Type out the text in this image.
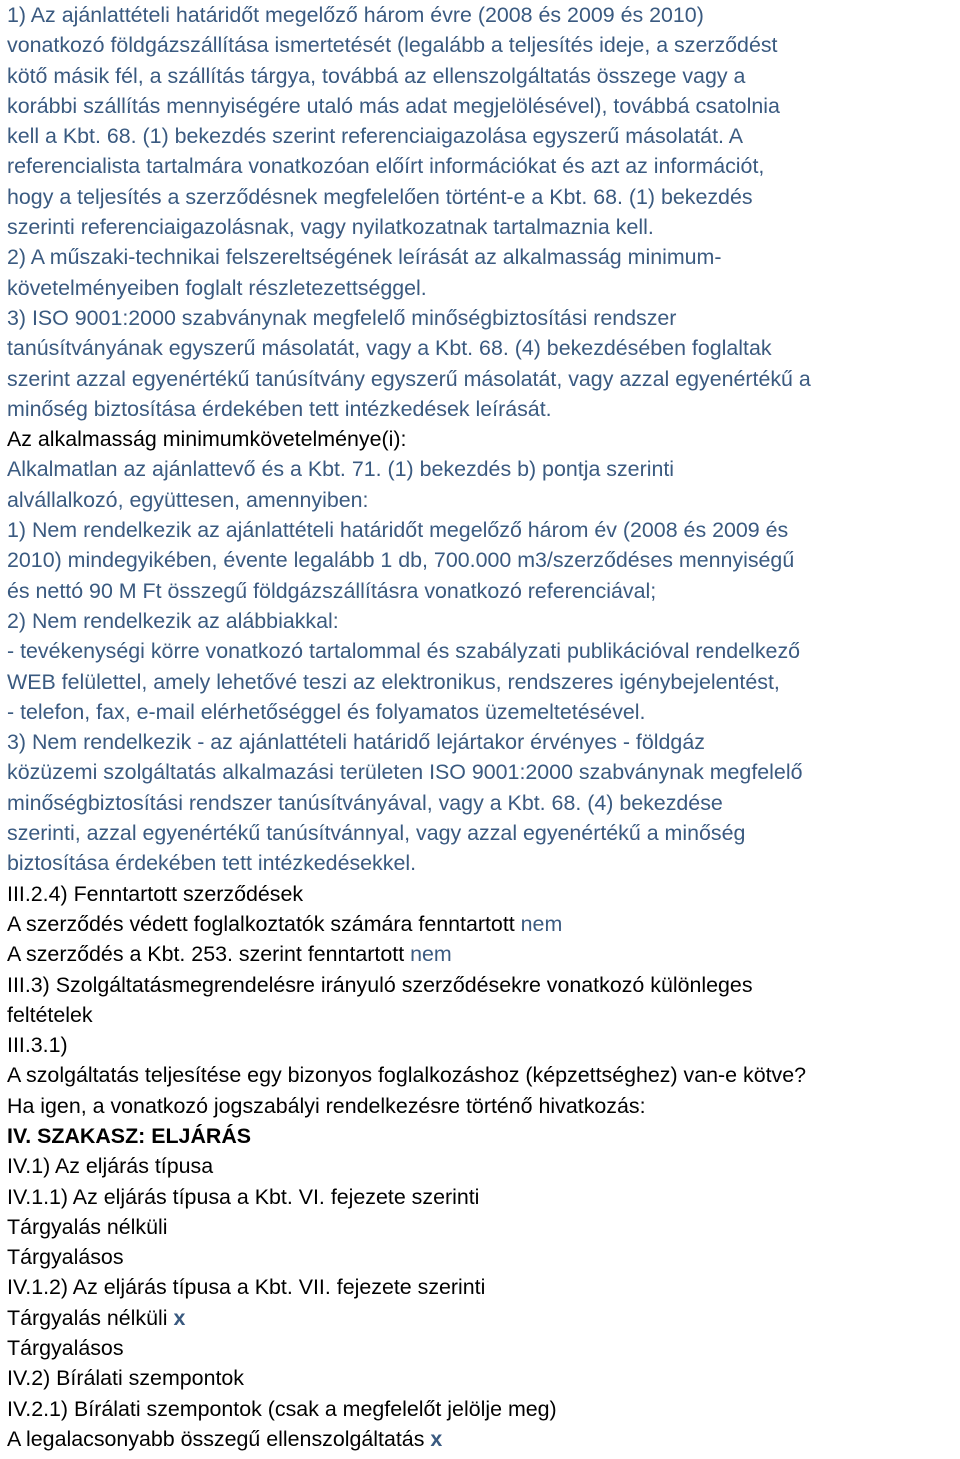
1) Az ajánlattételi határidőt megelőző három évre (2008 és 2009 és 2010)
vonatkozó földgázszállítása ismertetését (legalább a teljesítés ideje, a szerződést
kötő másik fél, a szállítás tárgya, továbbá az ellenszolgáltatás összege vagy a
korábbi szállítás mennyiségére utaló más adat megjelölésével), továbbá csatolnia
kell a Kbt. 68. (1) bekezdés szerint referenciaigazolása egyszerű másolatát. A
referencialista tartalmára vonatkozóan előírt információkat és azt az információt,
hogy a teljesítés a szerződésnek megfelelően történt-e a Kbt. 68. (1) bekezdés
szerinti referenciaigazolásnak, vagy nyilatkozatnak tartalmaznia kell.
2) A műszaki-technikai felszereltségének leírását az alkalmasság minimum-
követelményeiben foglalt részletezettséggel.
3) ISO 9001:2000 szabványnak megfelelő minőségbiztosítási rendszer
tanúsítványának egyszerű másolatát, vagy a Kbt. 68. (4) bekezdésében foglaltak
szerint azzal egyenértékű tanúsítvány egyszerű másolatát, vagy azzal egyenértékű a
minőség biztosítása érdekében tett intézkedések leírását.
Az alkalmasság minimumkövetelménye(i):
Alkalmatlan az ajánlattevő és a Kbt. 71. (1) bekezdés b) pontja szerinti
alvállalkozó, együttesen, amennyiben:
1) Nem rendelkezik az ajánlattételi határidőt megelőző három év (2008 és 2009 és
2010) mindegyikében, évente legalább 1 db, 700.000 m3/szerződéses mennyiségű
és nettó 90 M Ft összegű földgázszállításra vonatkozó referenciával;
2) Nem rendelkezik az alábbiakkal:
- tevékenységi körre vonatkozó tartalommal és szabályzati publikációval rendelkező
WEB felülettel, amely lehetővé teszi az elektronikus, rendszeres igénybejelentést,
- telefon, fax, e-mail elérhetőséggel és folyamatos üzemeltetésével.
3) Nem rendelkezik - az ajánlattételi határidő lejártakor érvényes - földgáz
közüzemi szolgáltatás alkalmazási területen ISO 9001:2000 szabványnak megfelelő
minőségbiztosítási rendszer tanúsítványával, vagy a Kbt. 68. (4) bekezdése
szerinti, azzal egyenértékű tanúsítvánnyal, vagy azzal egyenértékű a minőség
biztosítása érdekében tett intézkedésekkel.
III.2.4) Fenntartott szerződések
A szerződés védett foglalkoztatók számára fenntartott nem
A szerződés a Kbt. 253. szerint fenntartott nem
III.3) Szolgáltatásmegrendelésre irányuló szerződésekre vonatkozó különleges
feltételek
III.3.1)
A szolgáltatás teljesítése egy bizonyos foglalkozáshoz (képzettséghez) van-e kötve?
Ha igen, a vonatkozó jogszabályi rendelkezésre történő hivatkozás:
IV. SZAKASZ: ELJÁRÁS
IV.1) Az eljárás típusa
IV.1.1) Az eljárás típusa a Kbt. VI. fejezete szerinti
Tárgyalás nélküli
Tárgyalásos
IV.1.2) Az eljárás típusa a Kbt. VII. fejezete szerinti
Tárgyalás nélküli x
Tárgyalásos
IV.2) Bírálati szempontok
IV.2.1) Bírálati szempontok (csak a megfelelőt jelölje meg)
A legalacsonyabb összegű ellenszolgáltatás x
